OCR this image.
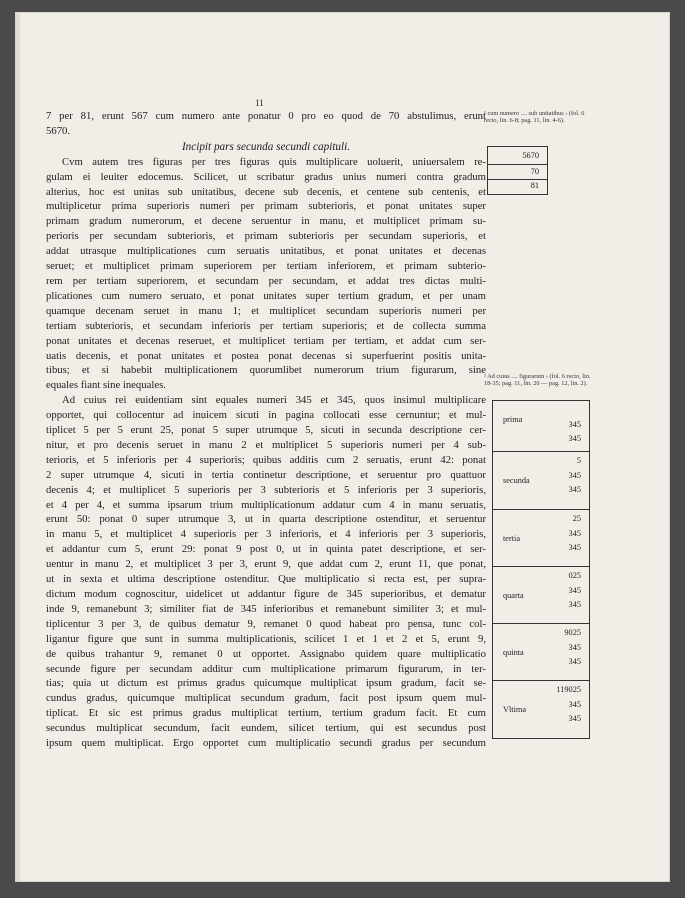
11
7 per 81, erunt 567 cum numero ante ponatur 0 pro eo quod de 70 abstulimus, erunt
5670.
Incipit pars secunda secundi capituli.
Cvm autem tres figuras per tres figuras quis multiplicare uoluerit, uniuersalem re-
gulam ei leuiter edocemus. Scilicet, ut scribatur gradus unius numeri contra gradum
alterius, hoc est unitas sub unitatibus, decene sub decenis, et centene sub centenis, et
multiplicetur prima superioris numeri per primam subterioris, et ponat unitates super
primam gradum numerorum, et decene seruentur in manu, et multiplicet primam su-
perioris per secundam subterioris, et primam subterioris per secundam superioris, et
addat utrasque multiplicationes cum seruatis unitatibus, et ponat unitates et decenas
seruet; et multiplicet primam superiorem per tertiam inferiorem, et primam subterio-
rem per tertiam superiorem, et secundam per secundam, et addat tres dictas multi-
plicationes cum numero seruato, et ponat unitates super tertium gradum, et per unam
quamque decenam seruet in manu 1; et multiplicet secundam superioris numeri per
tertiam subterioris, et secundam inferioris per tertiam superioris; et de collecta summa
ponat unitates et decenas reseruet, et multiplicet tertiam per tertiam, et addat cum ser-
uatis decenis, et ponat unitates et postea ponat decenas si superfuerint positis unita-
tibus; et si habebit multiplicationem quorumlibet numerorum trium figurarum, sine
equales fiant sine inequales.
Ad cuius rei euidentiam sint equales numeri 345 et 345, quos insimul multiplicare
opportet, qui collocentur ad inuicem sicuti in pagina collocati esse cernuntur; et mul-
tiplicet 5 per 5 erunt 25, ponat 5 super utrumque 5, sicuti in secunda descriptione cer-
nitur, et pro decenis seruet in manu 2 et multiplicet 5 superioris numeri per 4 sub-
terioris, et 5 inferioris per 4 superioris; quibus additis cum 2 seruatis, erunt 42: ponat
2 super utrumque 4, sicuti in tertia continetur descriptione, et seruentur pro quattuor
decenis 4; et multiplicet 5 superioris per 3 subterioris et 5 inferioris per 3 superioris,
et 4 per 4, et summa ipsarum trium multiplicationum addatur cum 4 in manu seruatis,
erunt 50: ponat 0 super utrumque 3, ut in quarta descriptione ostenditur, et seruentur
in manu 5, et multiplicet 4 superioris per 3 inferioris, et 4 inferioris per 3 superioris,
et addantur cum 5, erunt 29: ponat 9 post 0, ut in quinta patet descriptione, et ser-
uentur in manu 2, et multiplicet 3 per 3, erunt 9, que addat cum 2, erunt 11, que ponat,
ut in sexta et ultima descriptione ostenditur. Que multiplicatio si recta est, per supra-
dictum modum cognoscitur, uidelicet ut addantur figure de 345 superioribus, et dematur
inde 9, remanebunt 3; similiter fiat de 345 inferioribus et remanebunt similiter 3; et mul-
tiplicentur 3 per 3, de quibus dematur 9, remanet 0 quod habeat pro pensa, tunc col-
ligantur figure que sunt in summa multiplicationis, scilicet 1 et 1 et 2 et 5, erunt 9,
de quibus trahantur 9, remanet 0 ut opportet. Assignabo quidem quare multiplicatio
secunde figure per secundam additur cum multiplicatione primarum figurarum, in ter-
tias; quia ut dictum est primus gradus quicumque multiplicat ipsum gradum, facit se-
cundus gradus, quicumque multiplicat secundum gradum, facit post ipsum quem mul-
tiplicat. Et sic est primus gradus multiplicat tertium, tertium gradum facit. Et cum
secundus multiplicat secundum, facit eundem, silicet tertium, qui est secundus post
ipsum quem multiplicat. Ergo opportet cum multiplicatio secundi gradus per secundum
¹ cum numero .... sub unitatibus › (fol. 6 recto, lin. 6-8; pag. 11, lin. 4-6).
5670
70
81
² Ad cuius .... figurarum › (fol. 6 recto, lin. 18-35; pag. 11, lin. 20 — pag. 12, lin. 2).
prima
	345
345
secunda
5
345
345
tertia
25
345
345
quarta
025
345
345
quinta
9025
345
345
Vltima
119025
345
345
